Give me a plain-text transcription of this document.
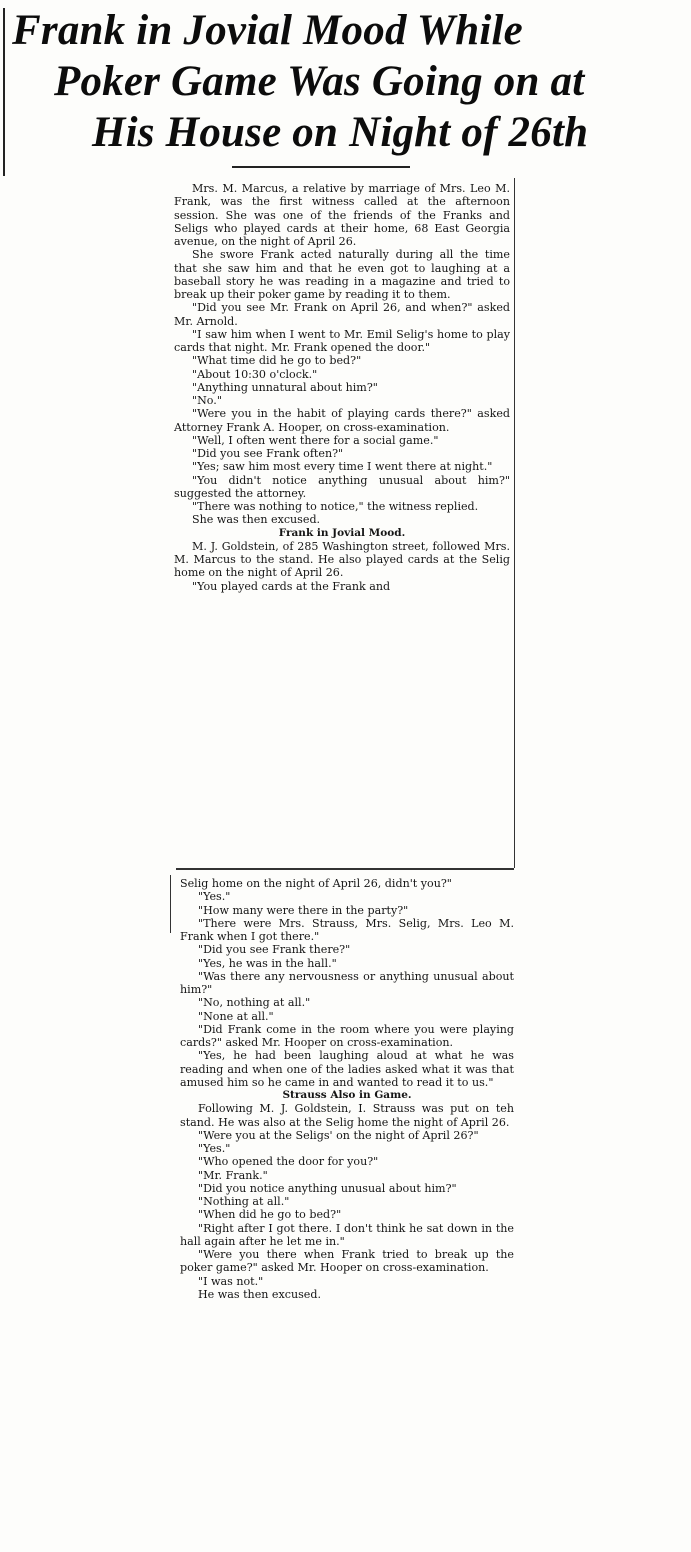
Frank in Jovial Mood While
Poker Game Was Going on at
His House on Night of 26th

Mrs. M. Marcus, a relative by marriage of Mrs. Leo M. Frank, was the first witness called at the afternoon session. She was one of the friends of the Franks and Seligs who played cards at their home, 68 East Georgia avenue, on the night of April 26.

She swore Frank acted naturally during all the time that she saw him and that he even got to laughing at a baseball story he was reading in a magazine and tried to break up their poker game by reading it to them.

"Did you see Mr. Frank on April 26, and when?" asked Mr. Arnold.

"I saw him when I went to Mr. Emil Selig's home to play cards that night. Mr. Frank opened the door."

"What time did he go to bed?"

"About 10:30 o'clock."

"Anything unnatural about him?"

"No."

"Were you in the habit of playing cards there?" asked Attorney Frank A. Hooper, on cross-examination.

"Well, I often went there for a social game."

"Did you see Frank often?"

"Yes; saw him most every time I went there at night."

"You didn't notice anything unusual about him?" suggested the attorney.

"There was nothing to notice," the witness replied.

She was then excused.

Frank in Jovial Mood.

M. J. Goldstein, of 285 Washington street, followed Mrs. M. Marcus to the stand. He also played cards at the Selig home on the night of April 26.

"You played cards at the Frank and

Selig home on the night of April 26, didn't you?"

"Yes."

"How many were there in the party?"

"There were Mrs. Strauss, Mrs. Selig, Mrs. Leo M. Frank when I got there."

"Did you see Frank there?"

"Yes, he was in the hall."

"Was there any nervousness or anything unusual about him?"

"No, nothing at all."

"None at all."

"Did Frank come in the room where you were playing cards?" asked Mr. Hooper on cross-examination.

"Yes, he had been laughing aloud at what he was reading and when one of the ladies asked what it was that amused him so he came in and wanted to read it to us."

Strauss Also in Game.

Following M. J. Goldstein, I. Strauss was put on teh stand. He was also at the Selig home the night of April 26.

"Were you at the Seligs' on the night of April 26?"

"Yes."

"Who opened the door for you?"

"Mr. Frank."

"Did you notice anything unusual about him?"

"Nothing at all."

"When did he go to bed?"

"Right after I got there. I don't think he sat down in the hall again after he let me in."

"Were you there when Frank tried to break up the poker game?" asked Mr. Hooper on cross-examination.

"I was not."

He was then excused.
